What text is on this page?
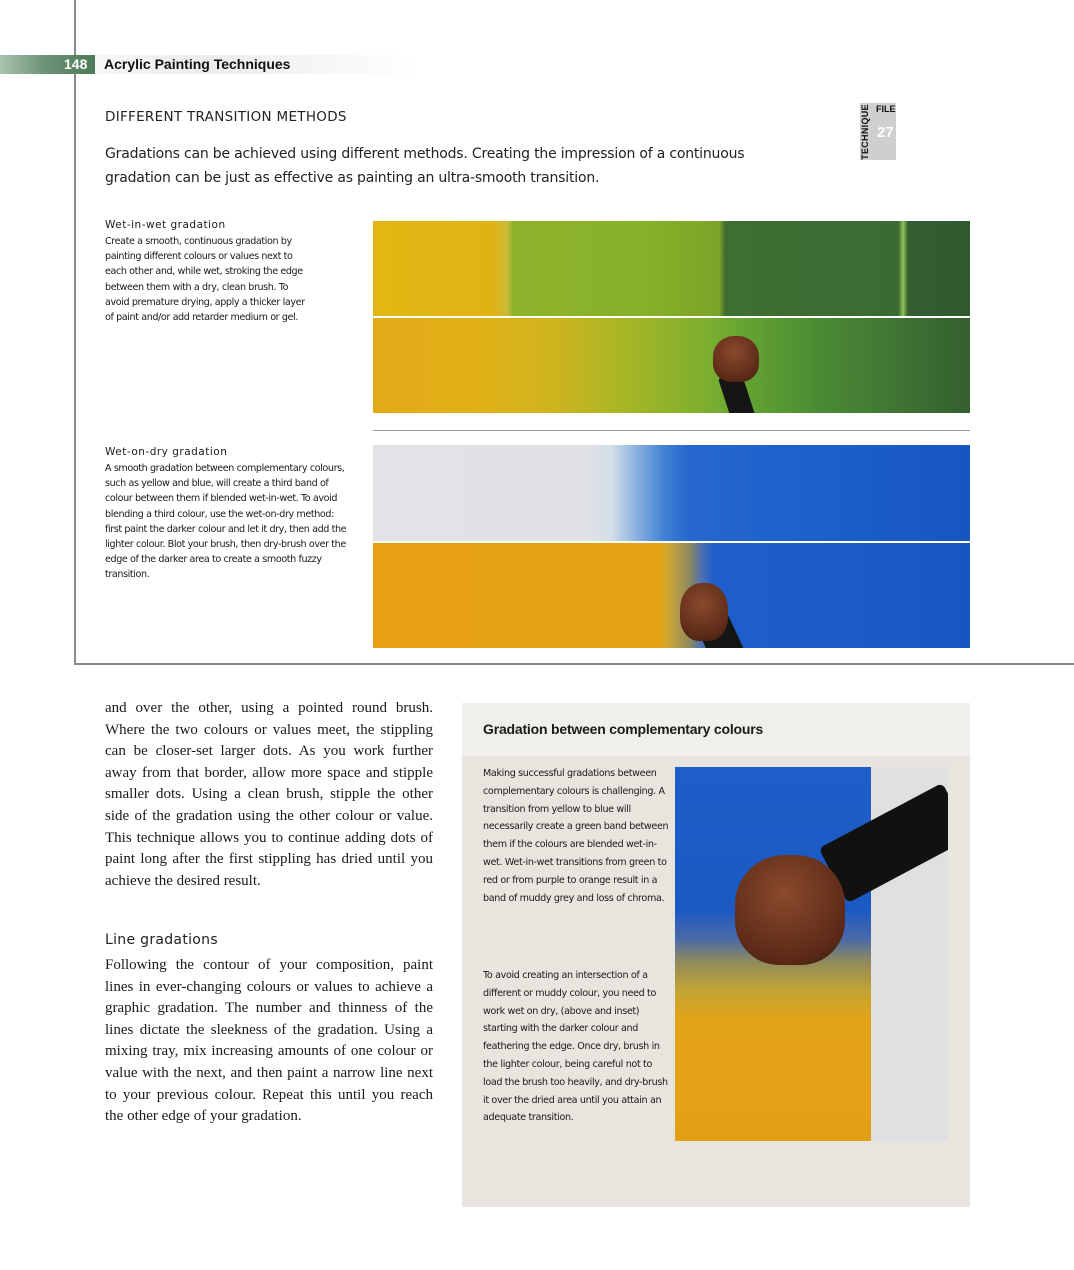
148 Acrylic Painting Techniques
TECHNIQUE FILE
27
DIFFERENT TRANSITION METHODS
Gradations can be achieved using different methods. Creating the impression of a continuous gradation can be just as effective as painting an ultra-smooth transition.
Wet-in-wet gradation
Create a smooth, continuous gradation by painting different colours or values next to each other and, while wet, stroking the edge between them with a dry, clean brush. To avoid premature drying, apply a thicker layer of paint and/or add retarder medium or gel.
Wet-on-dry gradation
A smooth gradation between complementary colours, such as yellow and blue, will create a third band of colour between them if blended wet-in-wet. To avoid blending a third colour, use the wet-on-dry method: first paint the darker colour and let it dry, then add the lighter colour. Blot your brush, then dry-brush over the edge of the darker area to create a smooth fuzzy transition.
and over the other, using a pointed round brush. Where the two colours or values meet, the stippling can be closer-set larger dots. As you work further away from that border, allow more space and stipple smaller dots. Using a clean brush, stipple the other side of the gradation using the other colour or value. This technique allows you to continue adding dots of paint long after the first stippling has dried until you achieve the desired result.
Line gradations
Following the contour of your composition, paint lines in ever-changing colours or values to achieve a graphic gradation. The number and thinness of the lines dictate the sleekness of the gradation. Using a mixing tray, mix increasing amounts of one colour or value with the next, and then paint a narrow line next to your previous colour. Repeat this until you reach the other edge of your gradation.
Gradation between complementary colours
Making successful gradations between complementary colours is challenging. A transition from yellow to blue will necessarily create a green band between them if the colours are blended wet-in-wet. Wet-in-wet transitions from green to red or from purple to orange result in a band of muddy grey and loss of chroma.
To avoid creating an intersection of a different or muddy colour, you need to work wet on dry, (above and inset) starting with the darker colour and feathering the edge. Once dry, brush in the lighter colour, being careful not to load the brush too heavily, and dry-brush it over the dried area until you attain an adequate transition.
